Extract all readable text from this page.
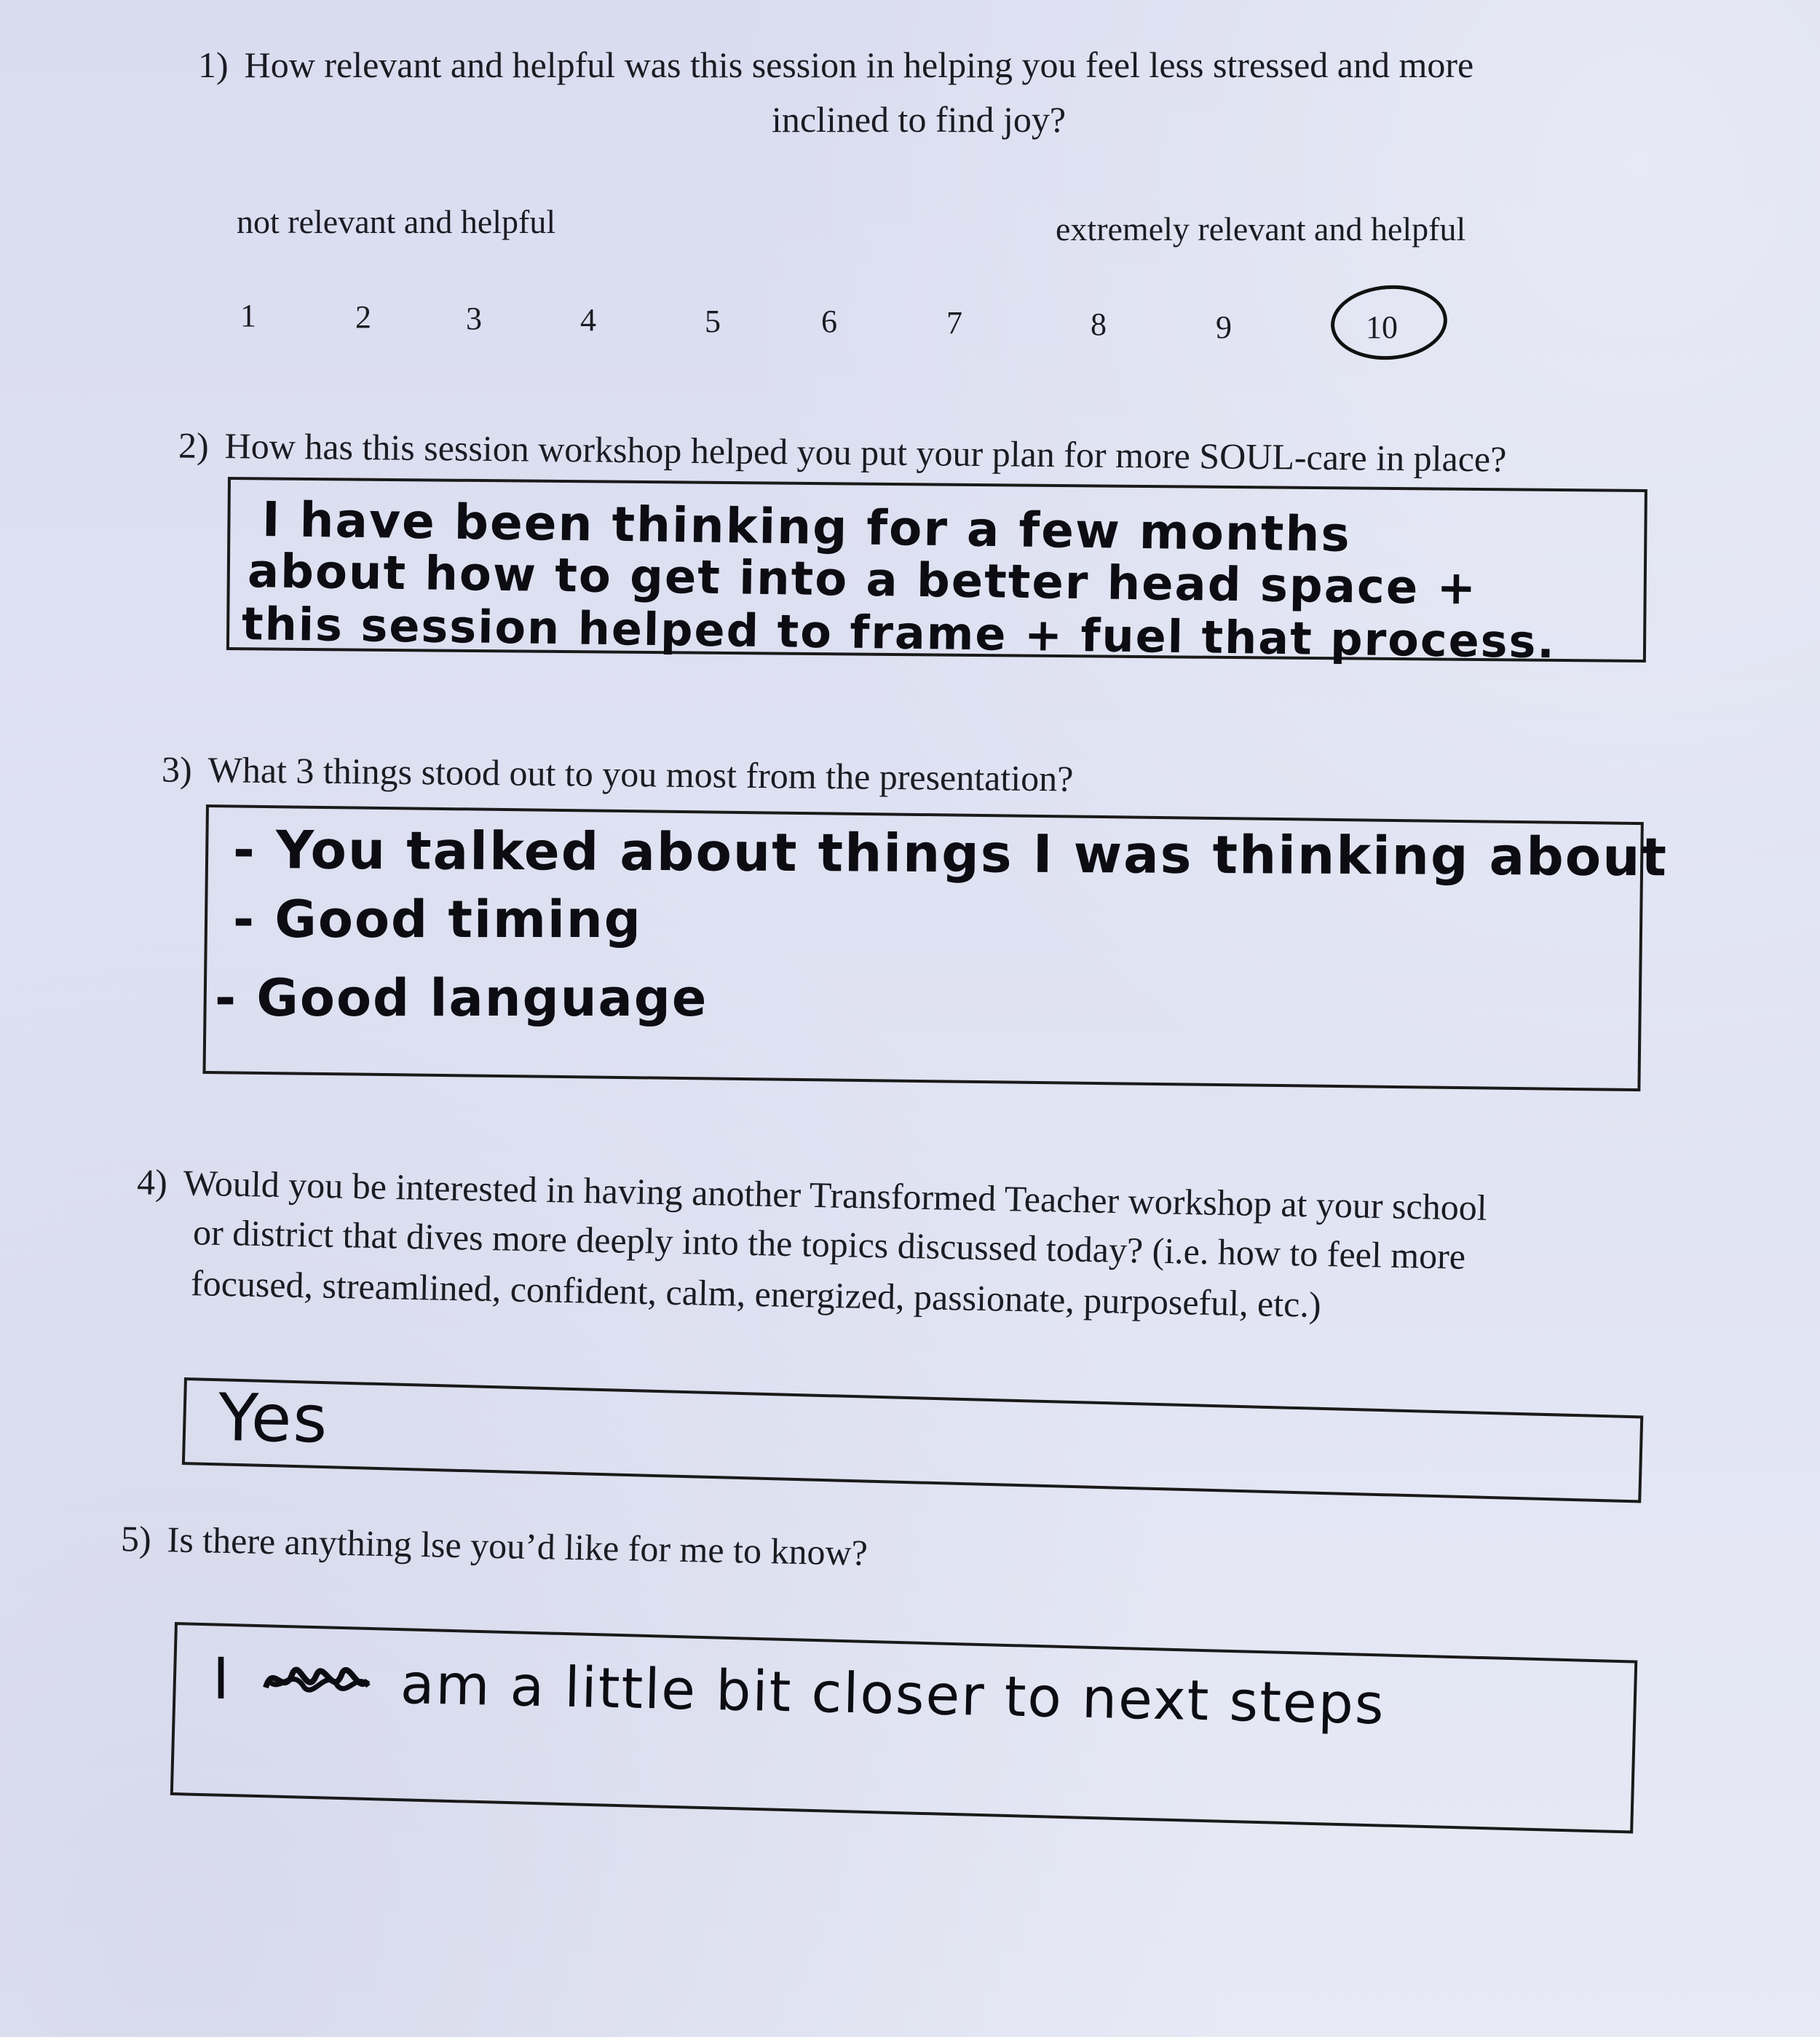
1) How relevant and helpful was this session in helping you feel less stressed and more
inclined to find joy?
not relevant and helpful	extremely relevant and helpful
1	2	3	4	5	6	7	8	9	10
2) How has this session workshop helped you put your plan for more SOUL-care in place?
I have been thinking for a few months
about how to get into a better head space +
this session helped to frame + fuel that process.
3) What 3 things stood out to you most from the presentation?
- You talked about things I was thinking about
- Good timing
- Good language
4) Would you be interested in having another Transformed Teacher workshop at your school
or district that dives more deeply into the topics discussed today? (i.e. how to feel more
focused, streamlined, confident, calm, energized, passionate, purposeful, etc.)
Yes
5) Is there anything lse you’d like for me to know?
I	am a little bit closer to next steps
